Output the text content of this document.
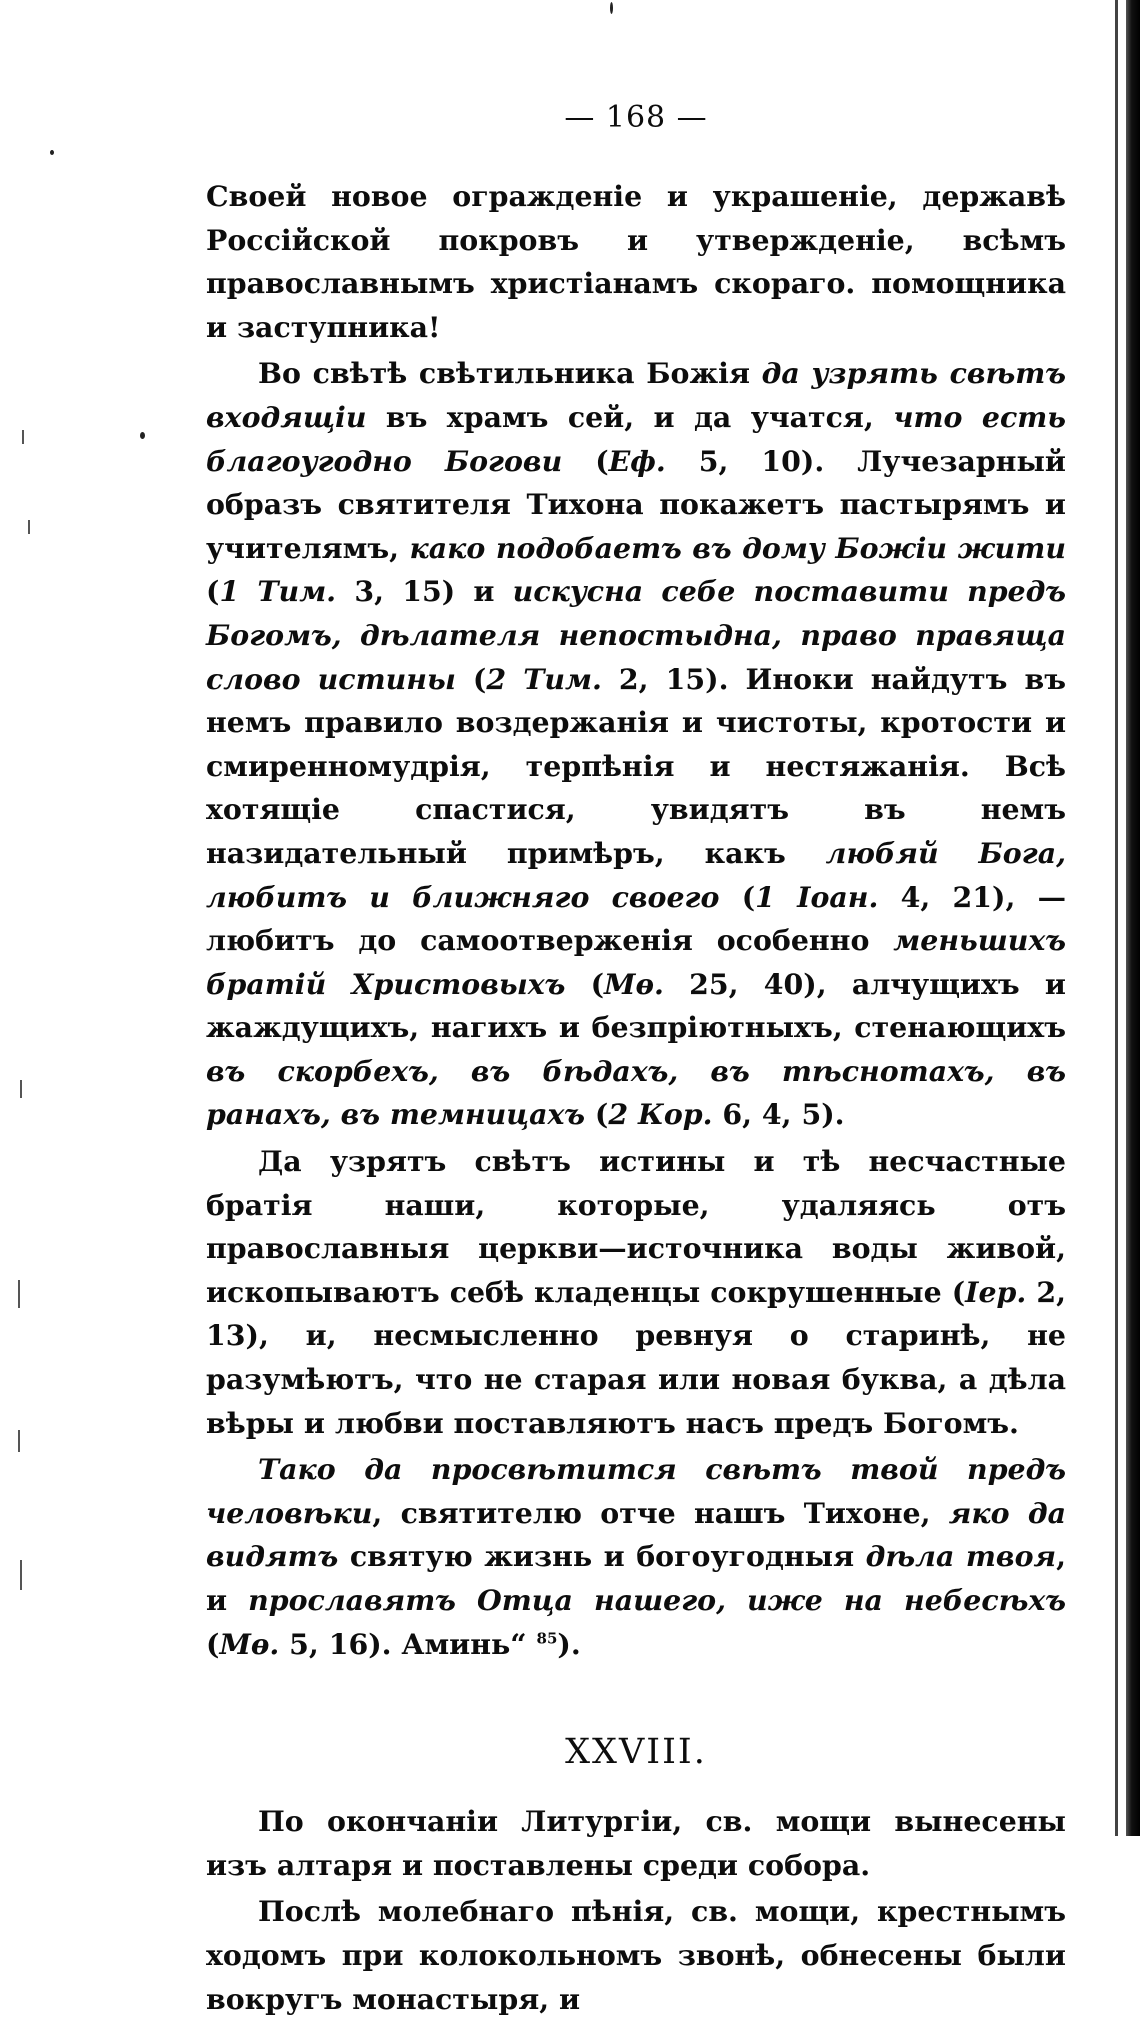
— 168 —

Своей новое огражденіе и украшеніе, державѣ Россійской покровъ и утвержденіе, всѣмъ православнымъ христіанамъ скораго. помощника и заступника!

Во свѣтѣ свѣтильника Божія да узрять свѣтъ входящіи въ храмъ сей, и да учатся, что есть благоугодно Богови (Еф. 5, 10). Лучезарный образъ святителя Тихона покажетъ пастырямъ и учителямъ, како подобаетъ въ дому Божіи жити (1 Тим. 3, 15) и искусна себе поставити предъ Богомъ, дѣлателя непостыдна, право правяща слово истины (2 Тим. 2, 15). Иноки найдутъ въ немъ правило воздержанія и чистоты, кротости и смиренномудрія, терпѣнія и нестяжанія. Всѣ хотящіе спастися, увидятъ въ немъ назидательный примѣръ, какъ любяй Бога, любитъ и ближняго своего (1 Іоан. 4, 21), — любитъ до самоотверженія особенно меньшихъ братій Христовыхъ (Мѳ. 25, 40), алчущихъ и жаждущихъ, нагихъ и безпріютныхъ, стенающихъ въ скорбехъ, въ бѣдахъ, въ тѣснотахъ, въ ранахъ, въ темницахъ (2 Кор. 6, 4, 5).

Да узрятъ свѣтъ истины и тѣ несчастные братія наши, которые, удаляясь отъ православныя церкви—источника воды живой, ископываютъ себѣ кладенцы сокрушенные (Іер. 2, 13), и, несмысленно ревнуя о старинѣ, не разумѣютъ, что не старая или новая буква, а дѣла вѣры и любви поставляютъ насъ предъ Богомъ.

Тако да просвѣтится свѣтъ твой предъ человѣки, святителю отче нашъ Тихоне, яко да видятъ святую жизнь и богоугодныя дѣла твоя, и прославятъ Отца нашего, иже на небесѣхъ (Мѳ. 5, 16). Аминь“ $^{85}$).

XXVIII.

По окончаніи Литургіи, св. мощи вынесены изъ алтаря и поставлены среди собора.

Послѣ молебнаго пѣнія, св. мощи, крестнымъ ходомъ при колокольномъ звонѣ, обнесены были вокругъ монастыря, и
